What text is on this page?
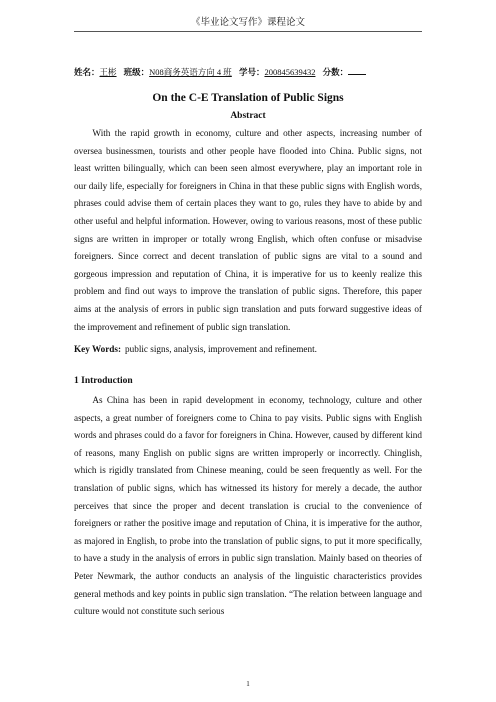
《毕业论文写作》课程论文
姓名：王彬 班级：N08商务英语方向 4 班 学号：200845639432 分数：
On the C-E Translation of Public Signs
Abstract

With the rapid growth in economy, culture and other aspects, increasing number of oversea businessmen, tourists and other people have flooded into China. Public signs, not least written bilingually, which can been seen almost everywhere, play an important role in our daily life, especially for foreigners in China in that these public signs with English words, phrases could advise them of certain places they want to go, rules they have to abide by and other useful and helpful information. However, owing to various reasons, most of these public signs are written in improper or totally wrong English, which often confuse or misadvise foreigners. Since correct and decent translation of public signs are vital to a sound and gorgeous impression and reputation of China, it is imperative for us to keenly realize this problem and find out ways to improve the translation of public signs. Therefore, this paper aims at the analysis of errors in public sign translation and puts forward suggestive ideas of the improvement and refinement of public sign translation.

Key Words: public signs, analysis, improvement and refinement.
1 Introduction

As China has been in rapid development in economy, technology, culture and other aspects, a great number of foreigners come to China to pay visits. Public signs with English words and phrases could do a favor for foreigners in China. However, caused by different kind of reasons, many English on public signs are written improperly or incorrectly. Chinglish, which is rigidly translated from Chinese meaning, could be seen frequently as well. For the translation of public signs, which has witnessed its history for merely a decade, the author perceives that since the proper and decent translation is crucial to the convenience of foreigners or rather the positive image and reputation of China, it is imperative for the author, as majored in English, to probe into the translation of public signs, to put it more specifically, to have a study in the analysis of errors in public sign translation. Mainly based on theories of Peter Newmark, the author conducts an analysis of the linguistic characteristics provides general methods and key points in public sign translation. “The relation between language and culture would not constitute such serious

1
